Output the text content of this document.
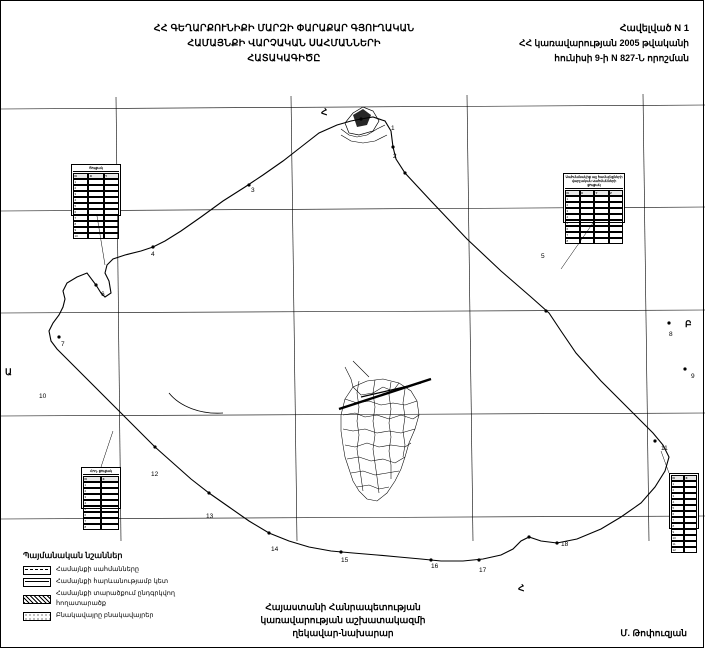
ՀՀ ԳԵՂԱՐՔՈՒՆԻՔԻ ՄԱՐԶԻ ՓԱՐԱՔԱՐ ԳՅՈՒՂԱԿԱՆ
ՀԱՄԱՅՆՔԻ ՎԱՐՉԱԿԱՆ ՍԱՀՄԱՆՆԵՐԻ
ՀԱՏԱԿԱԳԻԾԸ
Հավելված N 1
ՀՀ կառավարության 2005 թվականի
հունիսի 9-ի N 827-Ն որոշման
Պայմանական նշաններ
Համայնքի սահմանները
Համայնքի հարևանությամբ կետ
Համայնքի տարածքում ընդգրկվող հողատարածք
Բնակավայրը բնակավայրեր
Հայաստանի Հանրապետության
կառավարության աշխատակազմի
ղեկավար-նախարար	Մ. Թոփուզյան
Ցուցակ
N	X	Y
1
2
3
4
5
6
7
8
9
10
Սահմանակից այլ համայնքների վարչական սահմանների ցուցակ
N	X	Y	Z
1
2
3
4
5
6
7
8
Հող․ ցուցակ
N	X
1
2
3
4
5
6
7
8
N	X
1
2
3
4
5
6
7
8
9
10
11
12
Հ
Բ
Ա
Հ
1
2
3
4	5
6
7
8
9
10
11
12
13
14
15
16
17
18
